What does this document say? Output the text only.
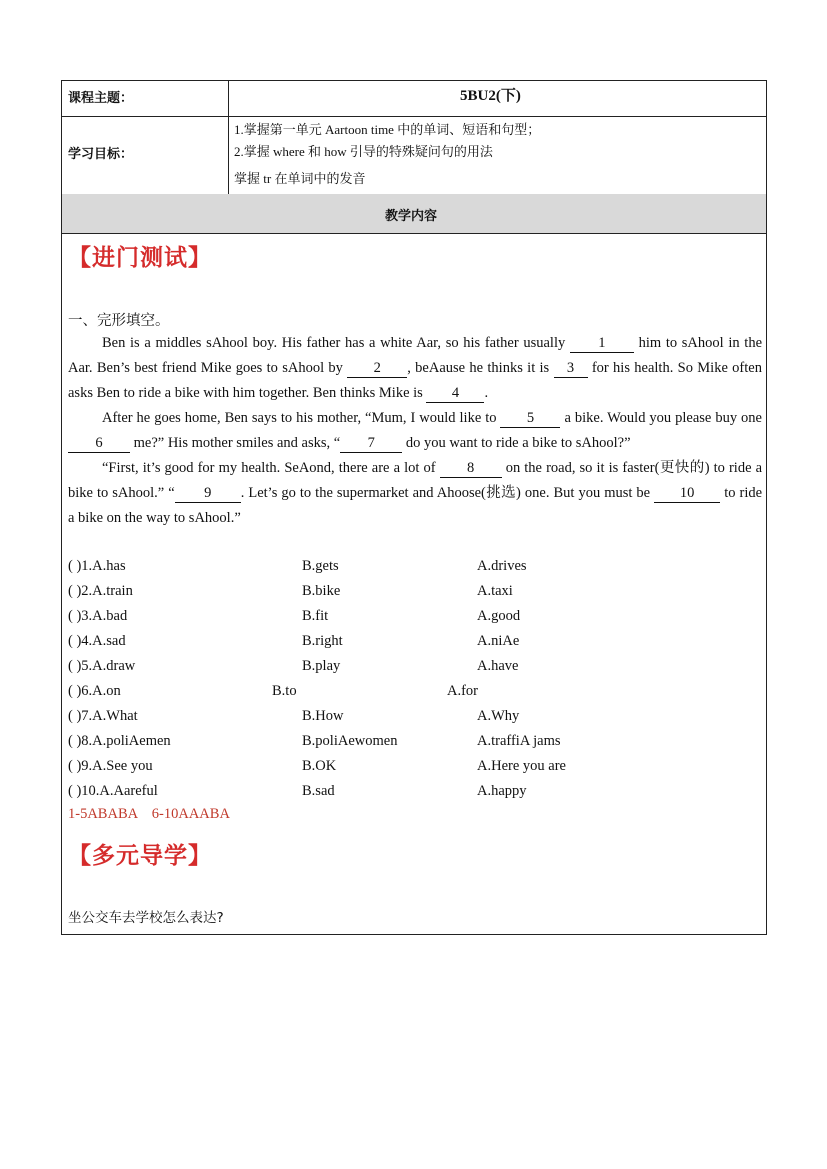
课程主题：	5BU2(下)
学习目标：
1.掌握第一单元 Aartoon time 中的单词、短语和句型；
2.掌握 where 和 how 引导的特殊疑问句的用法
掌握 tr 在单词中的发音
教学内容
【进门测试】
一、完形填空。

Ben is a middles sAhool boy. His father has a white Aar, so his father usually 1 him to sAhool in the Aar. Ben’s best friend Mike goes to sAhool by 2 , beAause he thinks it is 3 for his health. So Mike often asks Ben to ride a bike with him together. Ben thinks Mike is 4 .

After he goes home, Ben says to his mother, “Mum, I would like to 5 a bike. Would you please buy one 6 me?” His mother smiles and asks, “ 7 do you want to ride a bike to sAhool?”

“First, it’s good for my health. SeAond, there are a lot of 8 on the road, so it is faster(更快的) to ride a bike to sAhool.” “ 9 . Let’s go to the supermarket and Ahoose(挑选) one. But you must be 10 to ride a bike on the way to sAhool.”

( )1.A.has	B.gets	A.drives
( )2.A.train	B.bike	A.taxi
( )3.A.bad	B.fit	A.good
( )4.A.sad	B.right	A.niAe
( )5.A.draw	B.play	A.have
( )6.A.on	B.to	A.for
( )7.A.What	B.How	A.Why
( )8.A.poliAemen	B.poliAewomen	A.traffiA jams
( )9.A.See you	B.OK	A.Here you are
( )10.A.Aareful	B.sad	A.happy
1-5ABABA    6-10AAABA
【多元导学】
坐公交车去学校怎么表达?
